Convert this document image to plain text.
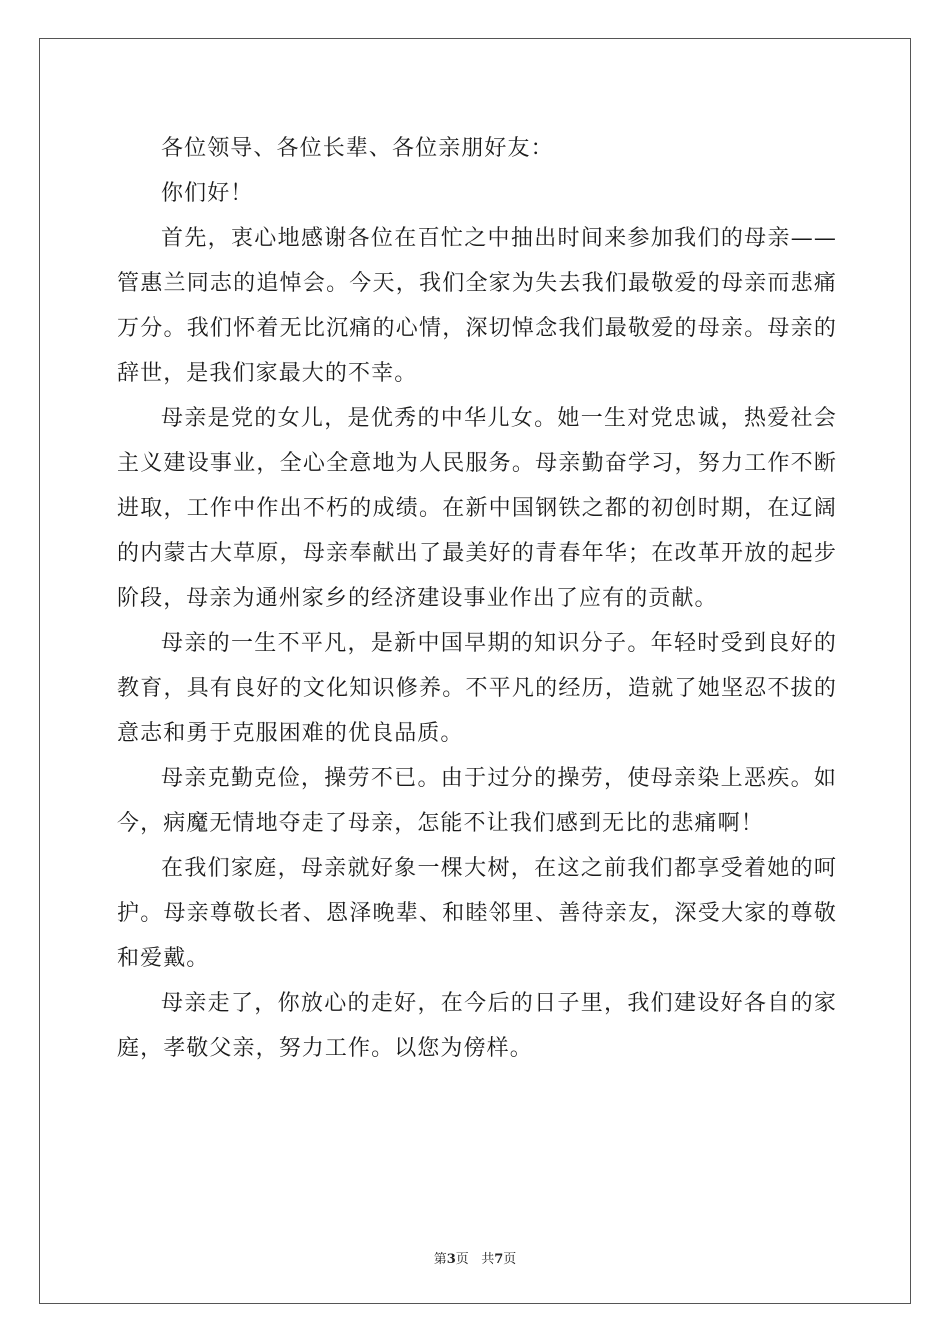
各位领导、各位长辈、各位亲朋好友：

你们好！

首先，衷心地感谢各位在百忙之中抽出时间来参加我们的母亲——管惠兰同志的追悼会。今天，我们全家为失去我们最敬爱的母亲而悲痛万分。我们怀着无比沉痛的心情，深切悼念我们最敬爱的母亲。母亲的辞世，是我们家最大的不幸。

母亲是党的女儿，是优秀的中华儿女。她一生对党忠诚，热爱社会主义建设事业，全心全意地为人民服务。母亲勤奋学习，努力工作不断进取，工作中作出不朽的成绩。在新中国钢铁之都的初创时期，在辽阔的内蒙古大草原，母亲奉献出了最美好的青春年华；在改革开放的起步阶段，母亲为通州家乡的经济建设事业作出了应有的贡献。

母亲的一生不平凡，是新中国早期的知识分子。年轻时受到良好的教育，具有良好的文化知识修养。不平凡的经历，造就了她坚忍不拔的意志和勇于克服困难的优良品质。

母亲克勤克俭，操劳不已。由于过分的操劳，使母亲染上恶疾。如今，病魔无情地夺走了母亲，怎能不让我们感到无比的悲痛啊！

在我们家庭，母亲就好象一棵大树，在这之前我们都享受着她的呵护。母亲尊敬长者、恩泽晚辈、和睦邻里、善待亲友，深受大家的尊敬和爱戴。

母亲走了，你放心的走好，在今后的日子里，我们建设好各自的家庭，孝敬父亲，努力工作。以您为傍样。

第3页 共7页
